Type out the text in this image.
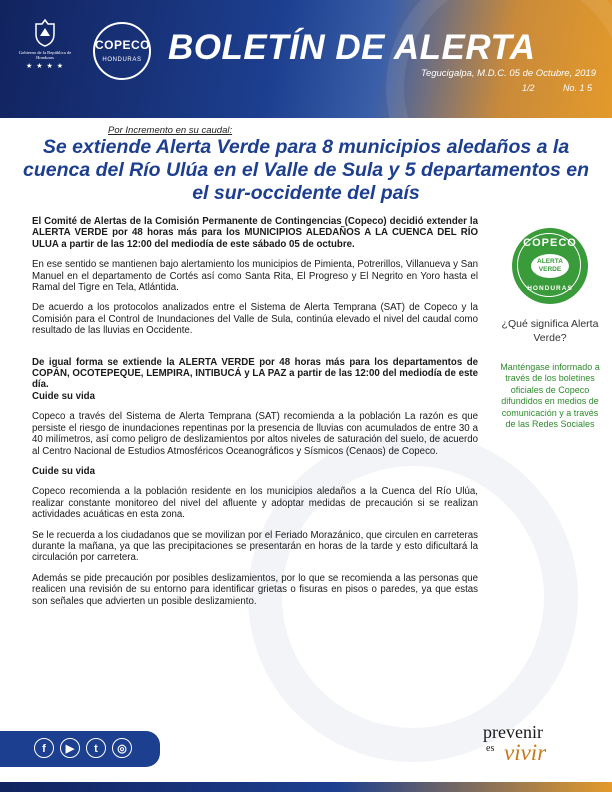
Gobierno de la República de Honduras
★ ★ ★ ★
COPECO
HONDURAS BOLETÍN DE ALERTA
Tegucigalpa, M.D.C. 05 de Octubre, 2019
1/2	No. 1 5
Por Incremento en su caudal:
Se extiende Alerta Verde para 8 municipios aledaños a la cuenca del Río Ulúa en el Valle de Sula y 5 departamentos en el sur-occidente del país

El Comité de Alertas de la Comisión Permanente de Contingencias (Copeco) decidió extender la ALERTA VERDE por 48 horas más para los MUNICIPIOS ALEDAÑOS A LA CUENCA DEL RÍO ULUA a partir de las 12:00 del mediodía de este sábado 05 de octubre.

En ese sentido se mantienen bajo alertamiento los municipios de Pimienta, Potrerillos, Villanueva y San Manuel en el departamento de Cortés así como Santa Rita, El Progreso y El Negrito en Yoro hasta el Ramal del Tigre en Tela, Atlántida.

De acuerdo a los protocolos analizados entre el Sistema de Alerta Temprana (SAT) de Copeco y la Comisión para el Control de Inundaciones del Valle de Sula, continúa elevado el nivel del caudal como resultado de las lluvias en Occidente.

De igual forma se extiende la ALERTA VERDE por 48 horas más para los departamentos de COPÁN, OCOTEPEQUE, LEMPIRA, INTIBUCÁ y LA PAZ a partir de las 12:00 del mediodía de este día.

Cuide su vida

Copeco a través del Sistema de Alerta Temprana (SAT) recomienda a la población La razón es que persiste el riesgo de inundaciones repentinas por la presencia de lluvias con acumulados de entre 30 a 40 milímetros, así como peligro de deslizamientos por altos niveles de saturación del suelo, de acuerdo al Centro Nacional de Estudios Atmosféricos Oceanográficos y Sísmicos (Cenaos) de Copeco.

Cuide su vida

Copeco recomienda a la población residente en los municipios aledaños a la Cuenca del Río Ulúa, realizar constante monitoreo del nivel del afluente y adoptar medidas de precaución si se realizan actividades acuáticas en esta zona.

Se le recuerda a los ciudadanos que se movilizan por el Feriado Morazánico, que circulen en carreteras durante la mañana, ya que las precipitaciones se presentarán en horas de la tarde y esto dificultará la circulación por carretera.

Además se pide precaución por posibles deslizamientos, por lo que se recomienda a las personas que realicen una revisión de su entorno para identificar grietas o fisuras en pisos o paredes, ya que estas son señales que advierten un posible deslizamiento.

COPECO
ALERTA VERDE
HONDURAS
¿Qué significa Alerta Verde?
Manténgase informado a través de los boletines oficiales de Copeco difundidos en medios de comunicación y a través de las Redes Sociales
f	▶	t	◎
prevenir
es vivir
